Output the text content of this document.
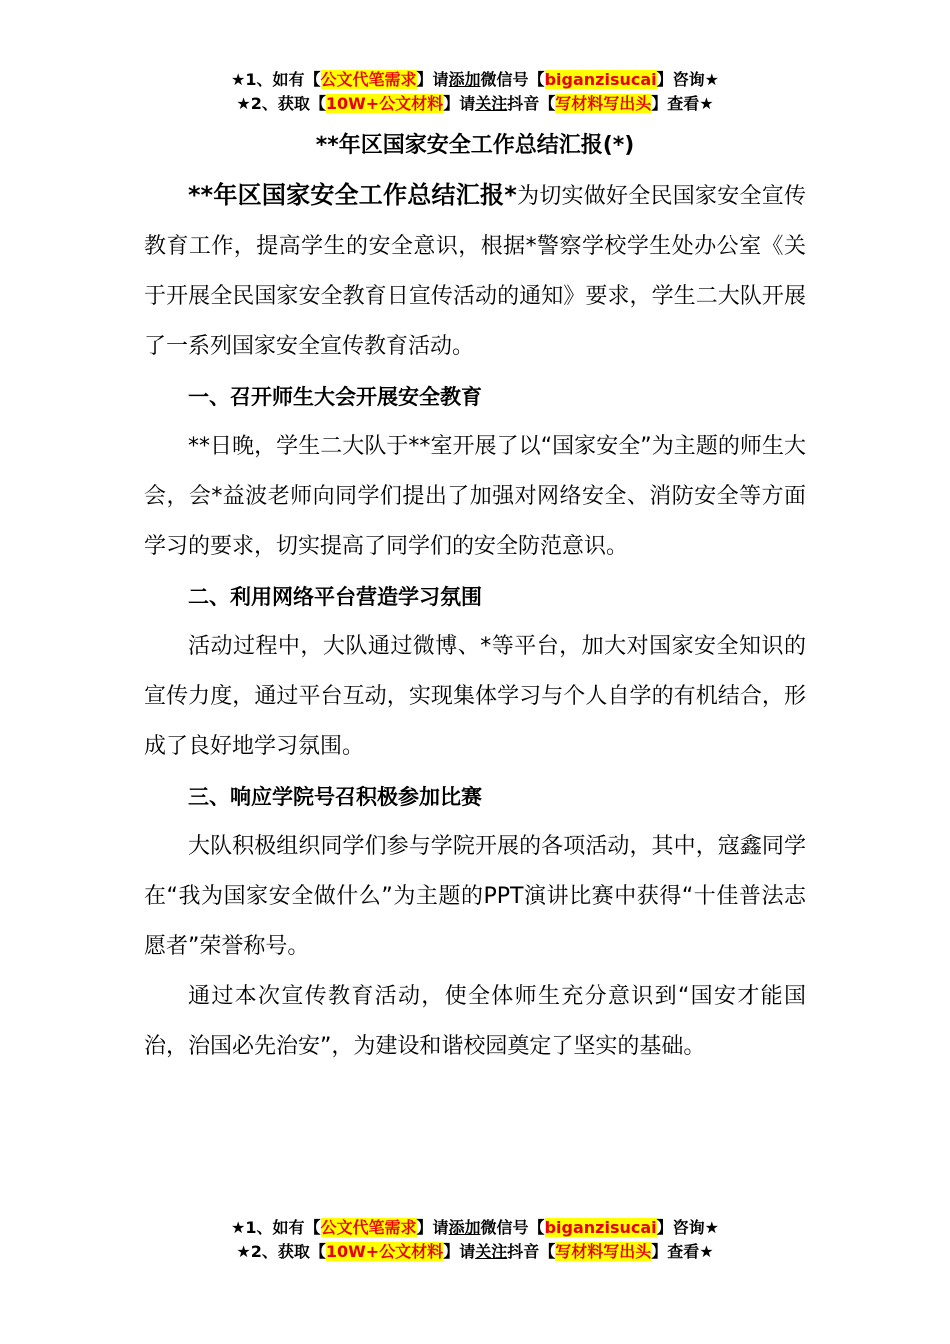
★1、如有【公文代笔需求】请添加微信号【biganzisucai】咨询★
★2、获取【10W+公文材料】请关注抖音【写材料写出头】查看★
**年区国家安全工作总结汇报(*)

**年区国家安全工作总结汇报*为切实做好全民国家安全宣传教育工作，提高学生的安全意识，根据*警察学校学生处办公室《关于开展全民国家安全教育日宣传活动的通知》要求，学生二大队开展了一系列国家安全宣传教育活动。

一、召开师生大会开展安全教育

**日晚，学生二大队于**室开展了以“国家安全”为主题的师生大会，会*益波老师向同学们提出了加强对网络安全、消防安全等方面学习的要求，切实提高了同学们的安全防范意识。

二、利用网络平台营造学习氛围

活动过程中，大队通过微博、*等平台，加大对国家安全知识的宣传力度，通过平台互动，实现集体学习与个人自学的有机结合，形成了良好地学习氛围。

三、响应学院号召积极参加比赛

大队积极组织同学们参与学院开展的各项活动，其中，寇鑫同学在“我为国家安全做什么”为主题的PPT演讲比赛中获得“十佳普法志愿者”荣誉称号。

通过本次宣传教育活动，使全体师生充分意识到“国安才能国治，治国必先治安”，为建设和谐校园奠定了坚实的基础。

★1、如有【公文代笔需求】请添加微信号【biganzisucai】咨询★
★2、获取【10W+公文材料】请关注抖音【写材料写出头】查看★
